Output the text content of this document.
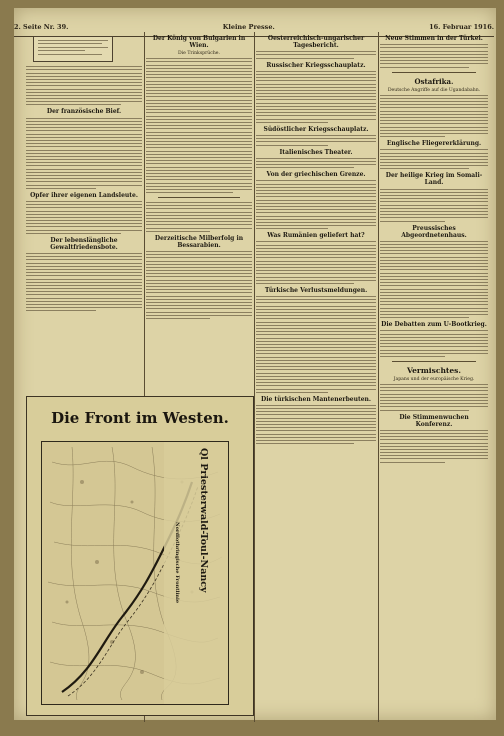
2. Seite Nr. 39.	Kleine Presse.	16. Februar 1916.
Der französische Bief.
Opfer ihrer eigenen Landsleute.
Der lebenslängliche Gewaltfriedensbote.
Der König von Bulgarien in Wien.
Die Trinksprüche.
Derzeitische Milberfolg in Bessarabien.
Oesterreichisch-ungarischer Tagesbericht.
Russischer Kriegsschauplatz.
Südöstlicher Kriegsschauplatz.
Italienisches Theater.
Von der griechischen Grenze.
Was Rumänien geliefert hat?
Türkische Verlustsmeldungen.
Die türkischen Mantenerbeuten.
Neue Stimmen in der Türkei.
Ostafrika.
Deutsche Angriffe auf die Ugandabahn.
Englische Fliegererklärung.
Der heilige Krieg im Somali-Land.
Preussisches Abgeordnetenhaus.
Die Debatten zum U-Bootkrieg.
Vermischtes.
Japans und der europäische Krieg.
Die Stimmenwuchen Konferenz.
Die Front im Westen.
Ql Priesterwald-Toul-Nancy
Nordlothringische Frontlinie
